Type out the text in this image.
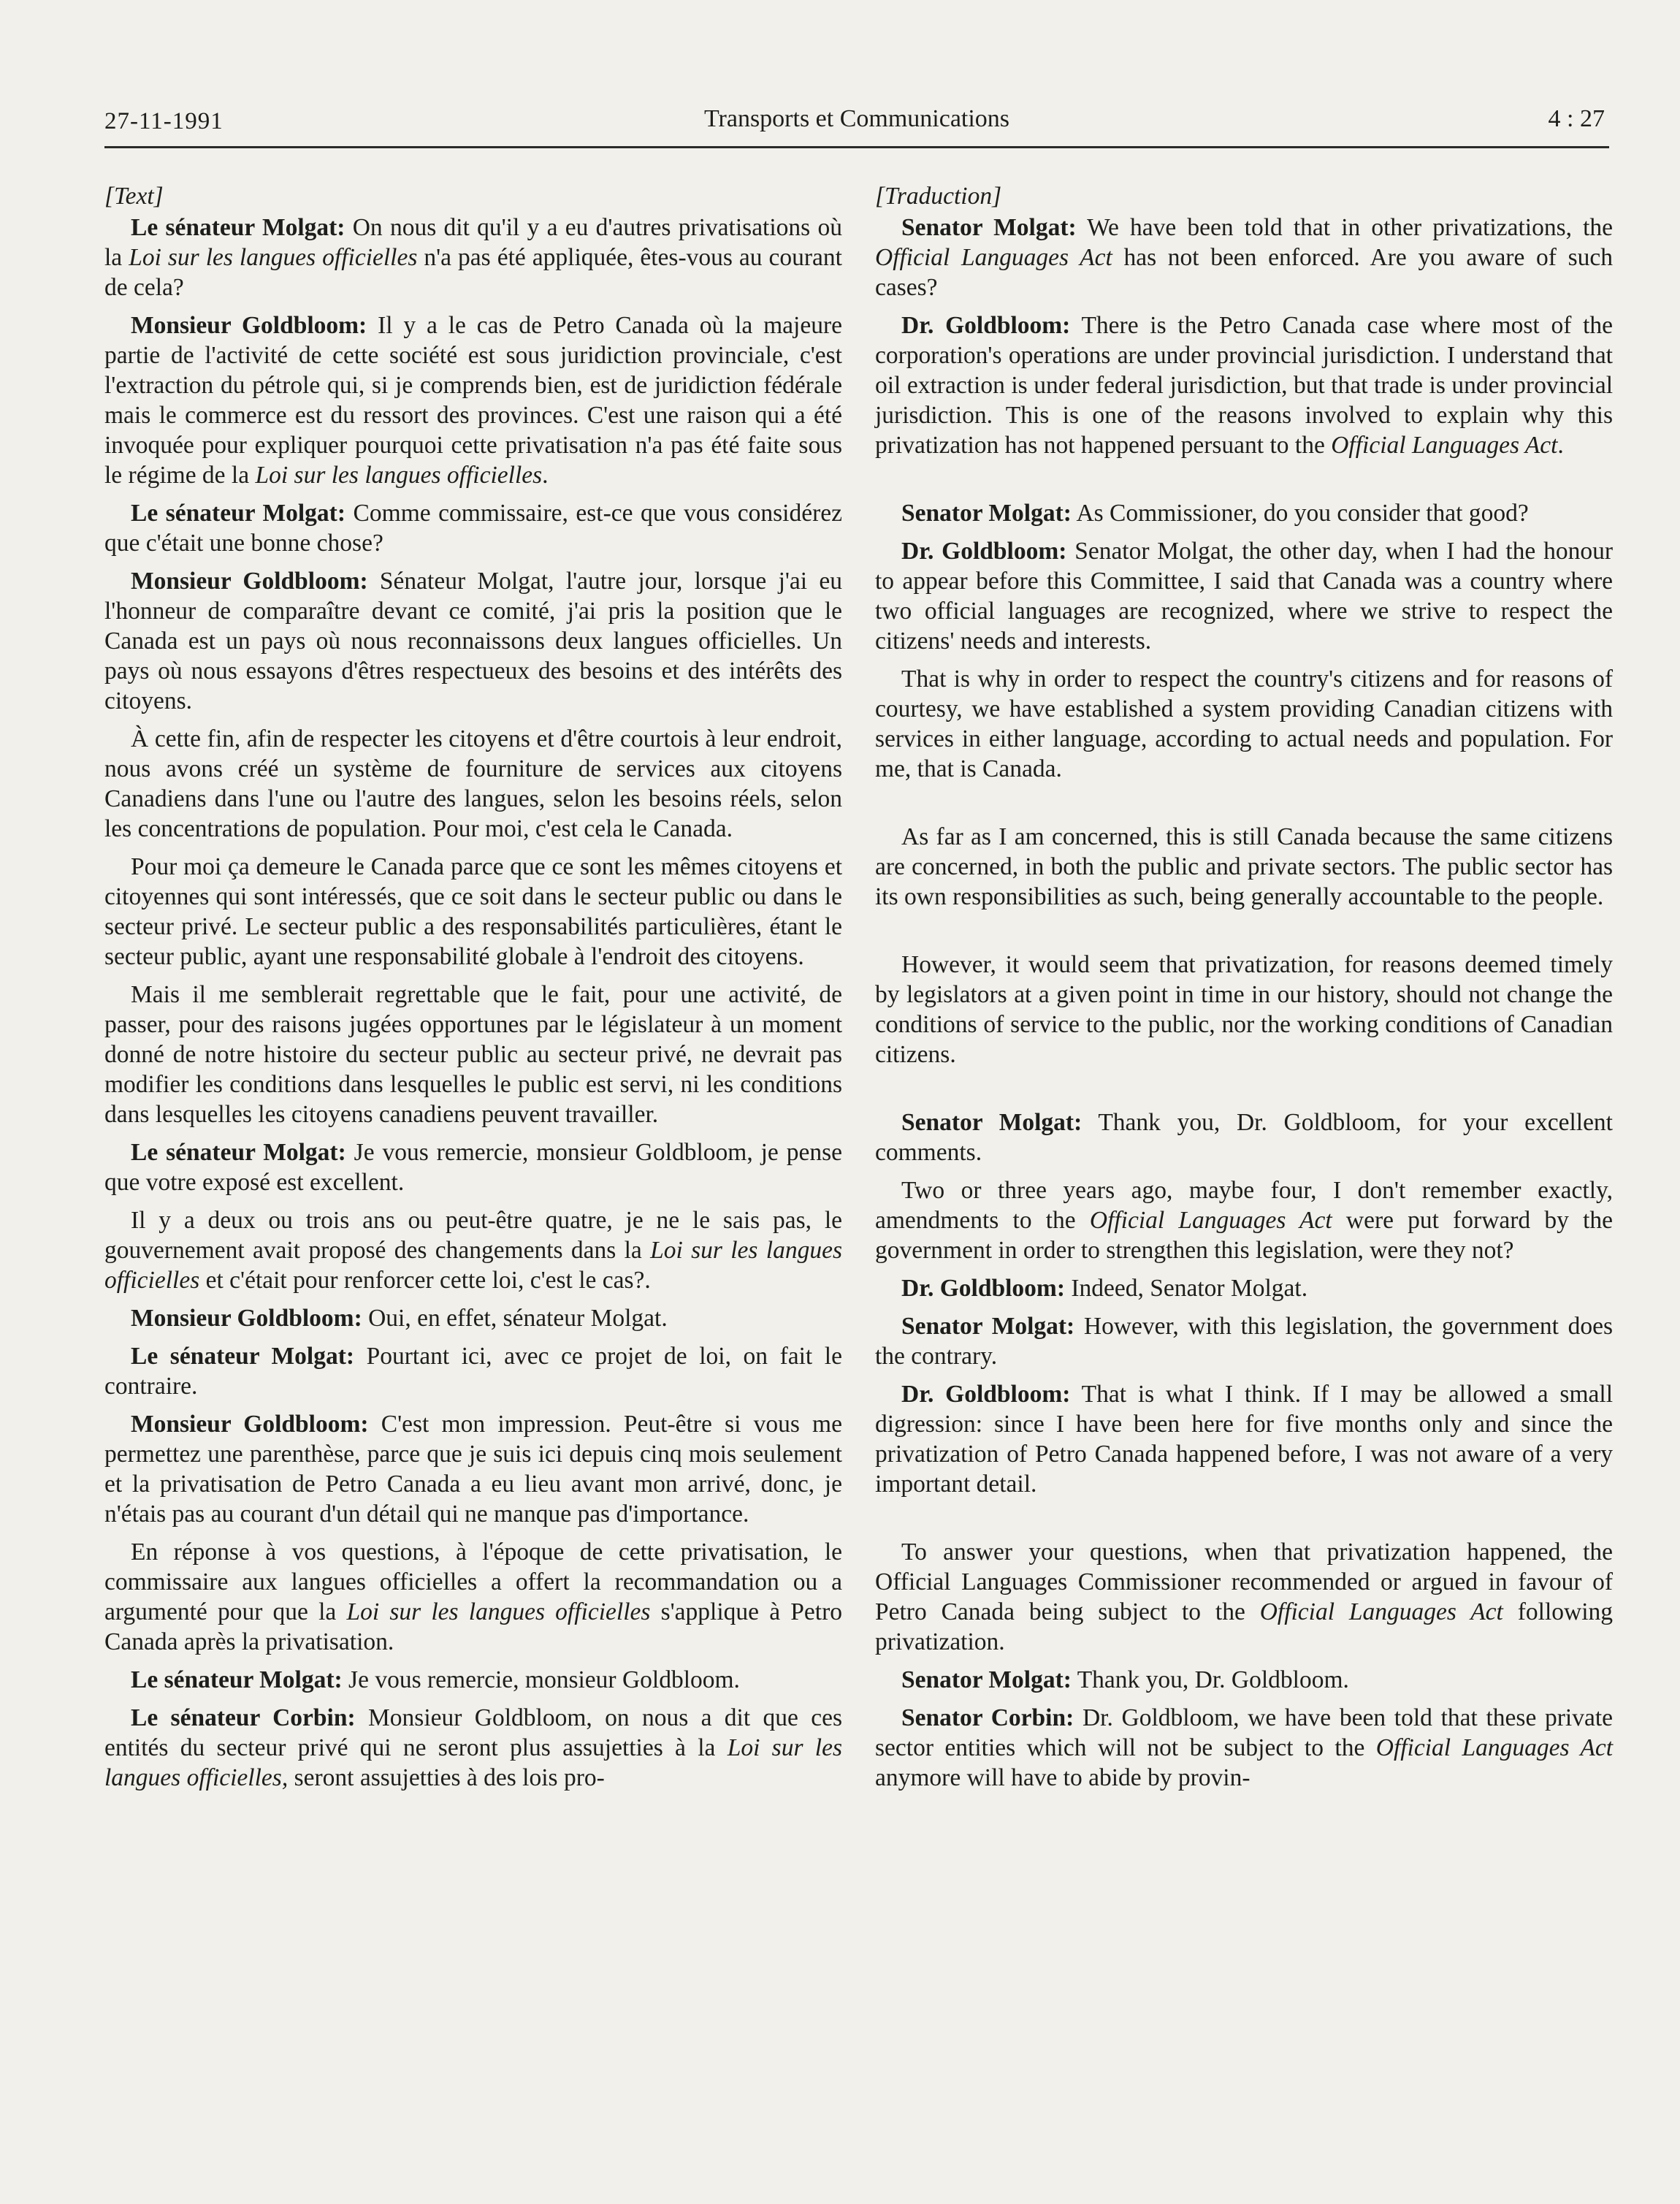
27-11-1991	Transports et Communications	4 : 27

[Text]

Le sénateur Molgat: On nous dit qu'il y a eu d'autres privatisations où la Loi sur les langues officielles n'a pas été appliquée, êtes-vous au courant de cela?

Monsieur Goldbloom: Il y a le cas de Petro Canada où la majeure partie de l'activité de cette société est sous juridiction provinciale, c'est l'extraction du pétrole qui, si je comprends bien, est de juridiction fédérale mais le commerce est du ressort des provinces. C'est une raison qui a été invoquée pour expliquer pourquoi cette privatisation n'a pas été faite sous le régime de la Loi sur les langues officielles.

Le sénateur Molgat: Comme commissaire, est-ce que vous considérez que c'était une bonne chose?

Monsieur Goldbloom: Sénateur Molgat, l'autre jour, lorsque j'ai eu l'honneur de comparaître devant ce comité, j'ai pris la position que le Canada est un pays où nous reconnaissons deux langues officielles. Un pays où nous essayons d'êtres respectueux des besoins et des intérêts des citoyens.

À cette fin, afin de respecter les citoyens et d'être courtois à leur endroit, nous avons créé un système de fourniture de services aux citoyens Canadiens dans l'une ou l'autre des langues, selon les besoins réels, selon les concentrations de population. Pour moi, c'est cela le Canada.

Pour moi ça demeure le Canada parce que ce sont les mêmes citoyens et citoyennes qui sont intéressés, que ce soit dans le secteur public ou dans le secteur privé. Le secteur public a des responsabilités particulières, étant le secteur public, ayant une responsabilité globale à l'endroit des citoyens.

Mais il me semblerait regrettable que le fait, pour une activité, de passer, pour des raisons jugées opportunes par le législateur à un moment donné de notre histoire du secteur public au secteur privé, ne devrait pas modifier les conditions dans lesquelles le public est servi, ni les conditions dans lesquelles les citoyens canadiens peuvent travailler.

Le sénateur Molgat: Je vous remercie, monsieur Goldbloom, je pense que votre exposé est excellent.

Il y a deux ou trois ans ou peut-être quatre, je ne le sais pas, le gouvernement avait proposé des changements dans la Loi sur les langues officielles et c'était pour renforcer cette loi, c'est le cas?.

Monsieur Goldbloom: Oui, en effet, sénateur Molgat.

Le sénateur Molgat: Pourtant ici, avec ce projet de loi, on fait le contraire.

Monsieur Goldbloom: C'est mon impression. Peut-être si vous me permettez une parenthèse, parce que je suis ici depuis cinq mois seulement et la privatisation de Petro Canada a eu lieu avant mon arrivé, donc, je n'étais pas au courant d'un détail qui ne manque pas d'importance.

En réponse à vos questions, à l'époque de cette privatisation, le commissaire aux langues officielles a offert la recommandation ou a argumenté pour que la Loi sur les langues officielles s'applique à Petro Canada après la privatisation.

Le sénateur Molgat: Je vous remercie, monsieur Goldbloom.

Le sénateur Corbin: Monsieur Goldbloom, on nous a dit que ces entités du secteur privé qui ne seront plus assujetties à la Loi sur les langues officielles, seront assujetties à des lois pro-

[Traduction]

Senator Molgat: We have been told that in other privatizations, the Official Languages Act has not been enforced. Are you aware of such cases?

Dr. Goldbloom: There is the Petro Canada case where most of the corporation's operations are under provincial jurisdiction. I understand that oil extraction is under federal jurisdiction, but that trade is under provincial jurisdiction. This is one of the reasons involved to explain why this privatization has not happened persuant to the Official Languages Act.

Senator Molgat: As Commissioner, do you consider that good?

Dr. Goldbloom: Senator Molgat, the other day, when I had the honour to appear before this Committee, I said that Canada was a country where two official languages are recognized, where we strive to respect the citizens' needs and interests.

That is why in order to respect the country's citizens and for reasons of courtesy, we have established a system providing Canadian citizens with services in either language, according to actual needs and population. For me, that is Canada.

As far as I am concerned, this is still Canada because the same citizens are concerned, in both the public and private sectors. The public sector has its own responsibilities as such, being generally accountable to the people.

However, it would seem that privatization, for reasons deemed timely by legislators at a given point in time in our history, should not change the conditions of service to the public, nor the working conditions of Canadian citizens.

Senator Molgat: Thank you, Dr. Goldbloom, for your excellent comments.

Two or three years ago, maybe four, I don't remember exactly, amendments to the Official Languages Act were put forward by the government in order to strengthen this legislation, were they not?

Dr. Goldbloom: Indeed, Senator Molgat.

Senator Molgat: However, with this legislation, the government does the contrary.

Dr. Goldbloom: That is what I think. If I may be allowed a small digression: since I have been here for five months only and since the privatization of Petro Canada happened before, I was not aware of a very important detail.

To answer your questions, when that privatization happened, the Official Languages Commissioner recommended or argued in favour of Petro Canada being subject to the Official Languages Act following privatization.

Senator Molgat: Thank you, Dr. Goldbloom.

Senator Corbin: Dr. Goldbloom, we have been told that these private sector entities which will not be subject to the Official Languages Act anymore will have to abide by provin-
